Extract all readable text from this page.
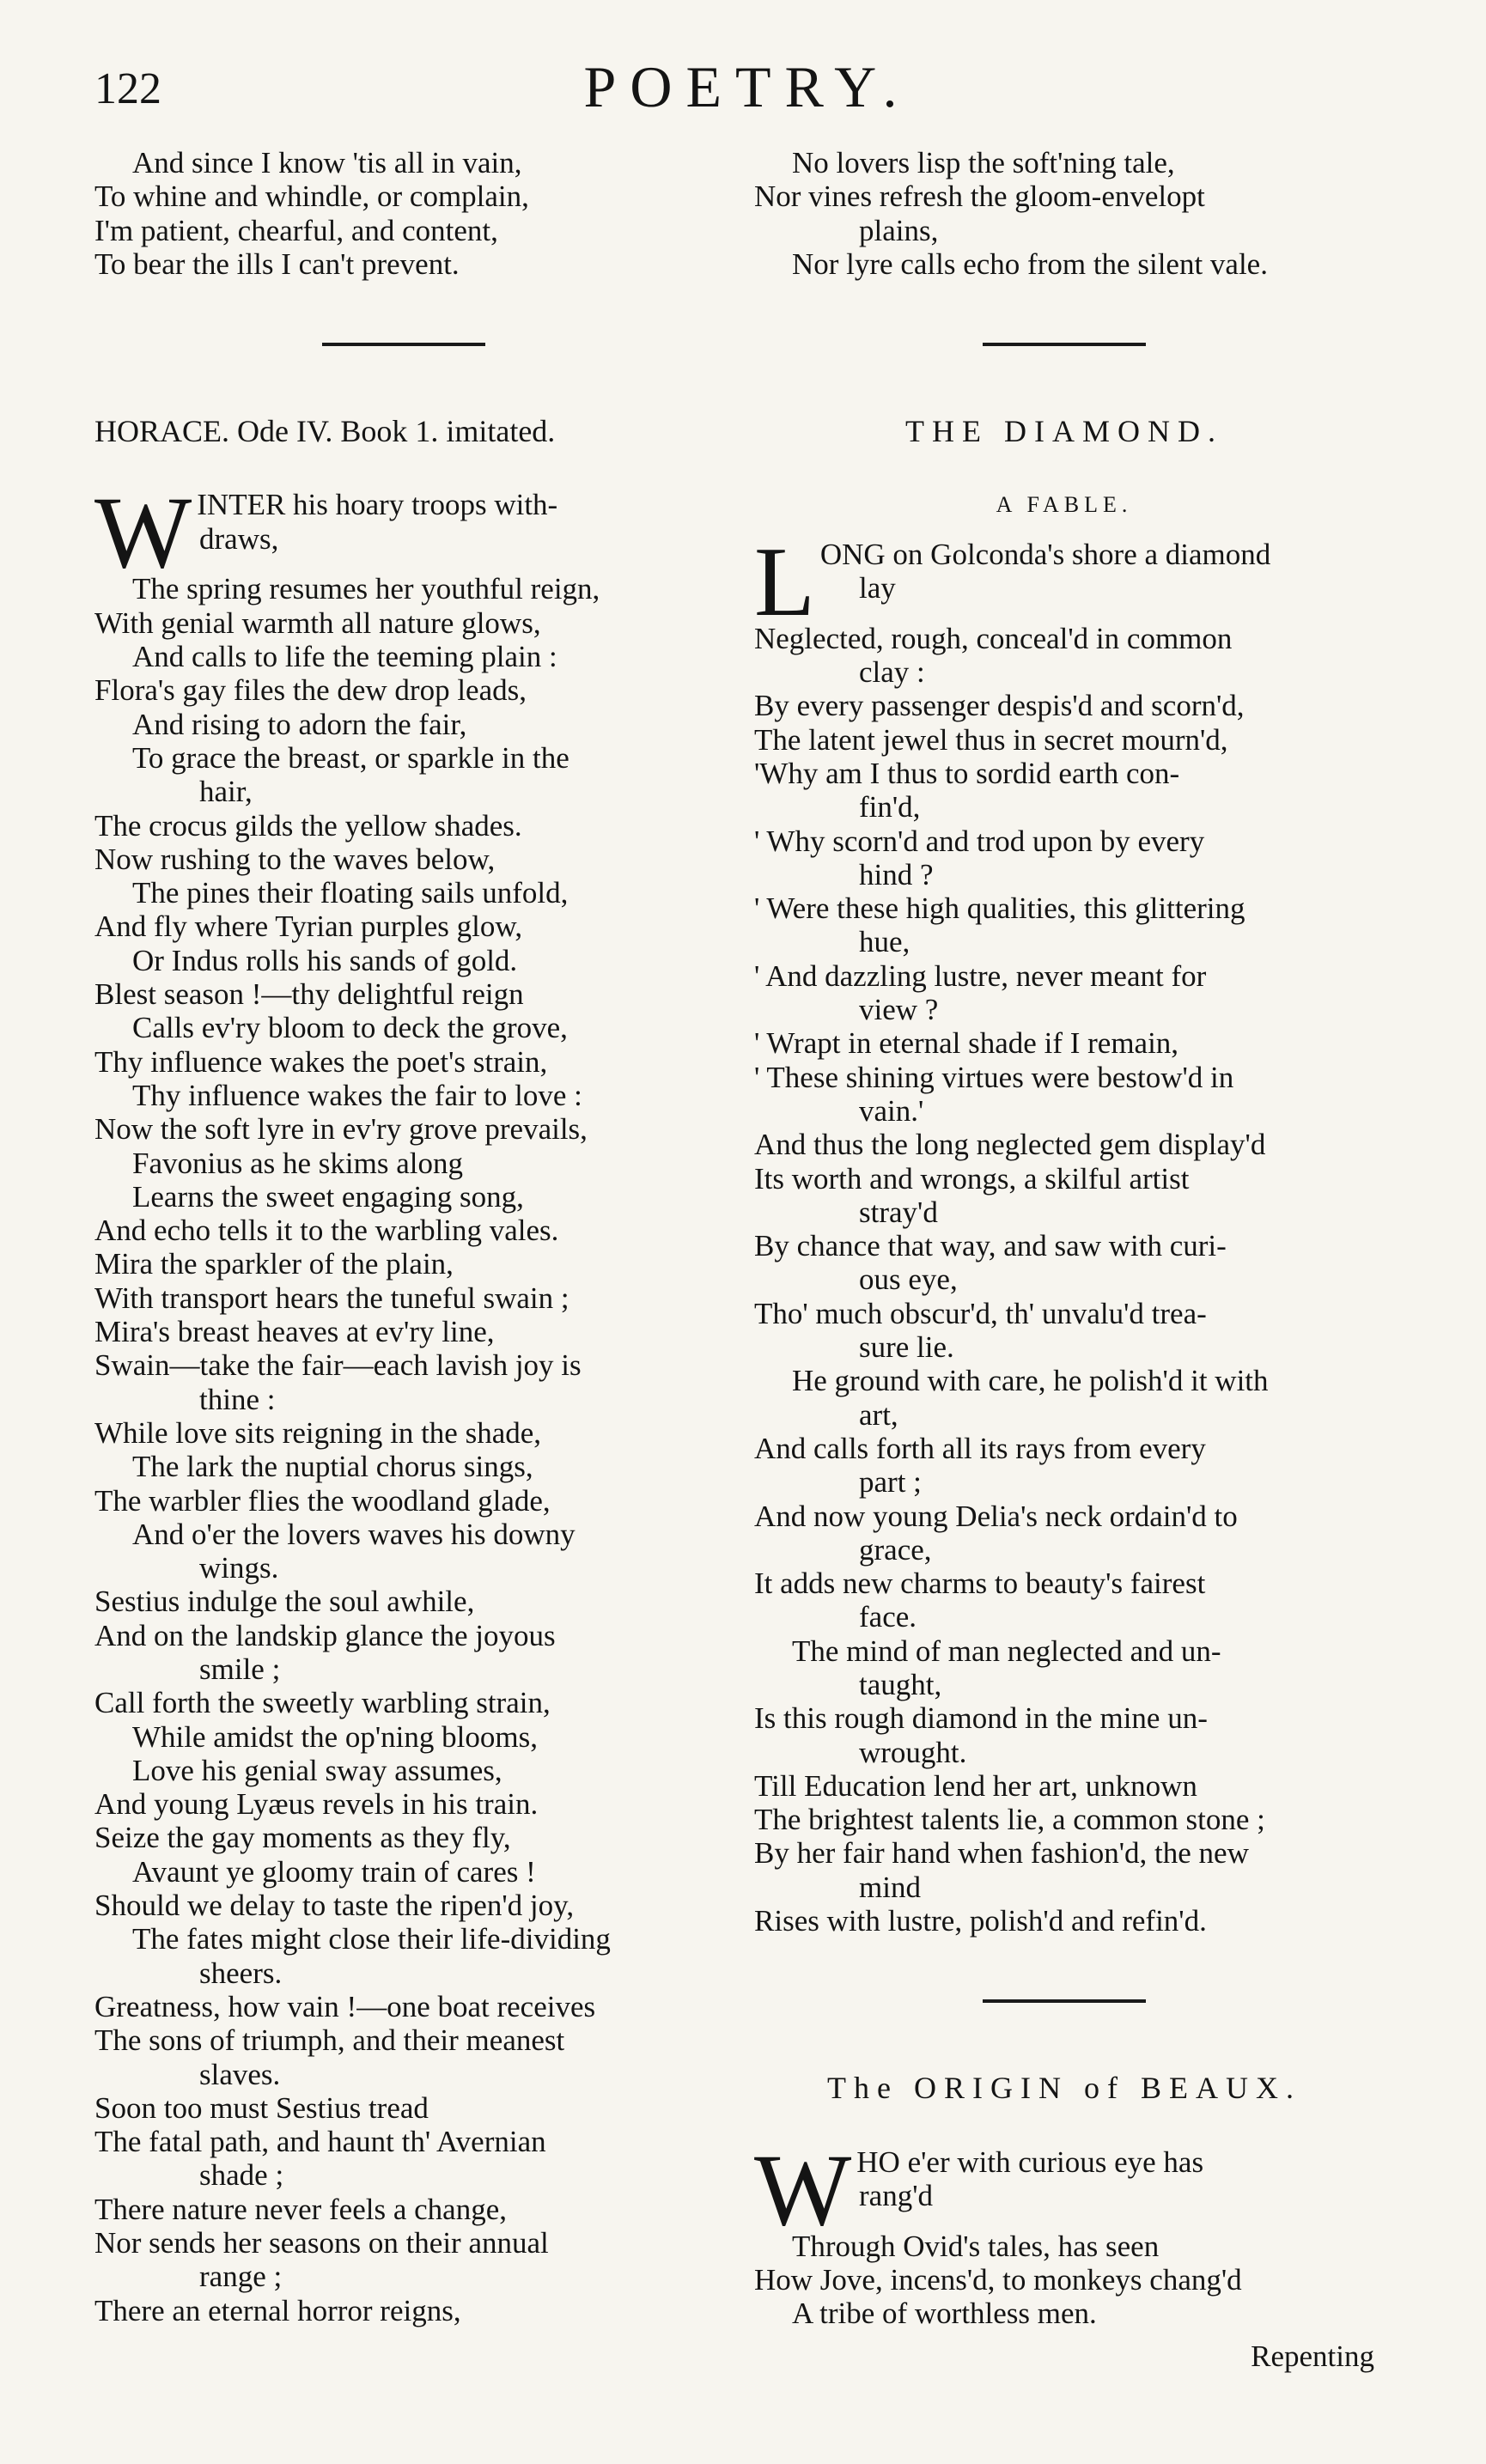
122	POETRY.
And since I know 'tis all in vain,
To whine and whindle, or complain,
I'm patient, chearful, and content,
To bear the ills I can't prevent.
HORACE. Ode IV. Book 1. imitated.
W INTER his hoary troops with-
draws,
The spring resumes her youthful reign,
With genial warmth all nature glows,
And calls to life the teeming plain :
Flora's gay files the dew drop leads,
And rising to adorn the fair,
To grace the breast, or sparkle in the
hair,
The crocus gilds the yellow shades.
Now rushing to the waves below,
The pines their floating sails unfold,
And fly where Tyrian purples glow,
Or Indus rolls his sands of gold.
Blest season !—thy delightful reign
Calls ev'ry bloom to deck the grove,
Thy influence wakes the poet's strain,
Thy influence wakes the fair to love :
Now the soft lyre in ev'ry grove prevails,
Favonius as he skims along
Learns the sweet engaging song,
And echo tells it to the warbling vales.
Mira the sparkler of the plain,
With transport hears the tuneful swain ;
Mira's breast heaves at ev'ry line,
Swain—take the fair—each lavish joy is
thine :
While love sits reigning in the shade,
The lark the nuptial chorus sings,
The warbler flies the woodland glade,
And o'er the lovers waves his downy
wings.
Sestius indulge the soul awhile,
And on the landskip glance the joyous
smile ;
Call forth the sweetly warbling strain,
While amidst the op'ning blooms,
Love his genial sway assumes,
And young Lyæus revels in his train.
Seize the gay moments as they fly,
Avaunt ye gloomy train of cares !
Should we delay to taste the ripen'd joy,
The fates might close their life-dividing
sheers.
Greatness, how vain !—one boat receives
The sons of triumph, and their meanest
slaves.
Soon too must Sestius tread
The fatal path, and haunt th' Avernian
shade ;
There nature never feels a change,
Nor sends her seasons on their annual
range ;
There an eternal horror reigns,
No lovers lisp the soft'ning tale,
Nor vines refresh the gloom-envelopt
plains,
Nor lyre calls echo from the silent vale.
THE DIAMOND.
A FABLE.
L ONG on Golconda's shore a diamond
lay
Neglected, rough, conceal'd in common
clay :
By every passenger despis'd and scorn'd,
The latent jewel thus in secret mourn'd,
'Why am I thus to sordid earth con-
fin'd,
' Why scorn'd and trod upon by every
hind ?
' Were these high qualities, this glittering
hue,
' And dazzling lustre, never meant for
view ?
' Wrapt in eternal shade if I remain,
' These shining virtues were bestow'd in
vain.'
And thus the long neglected gem display'd
Its worth and wrongs, a skilful artist
stray'd
By chance that way, and saw with curi-
ous eye,
Tho' much obscur'd, th' unvalu'd trea-
sure lie.
He ground with care, he polish'd it with
art,
And calls forth all its rays from every
part ;
And now young Delia's neck ordain'd to
grace,
It adds new charms to beauty's fairest
face.
The mind of man neglected and un-
taught,
Is this rough diamond in the mine un-
wrought.
Till Education lend her art, unknown
The brightest talents lie, a common stone ;
By her fair hand when fashion'd, the new
mind
Rises with lustre, polish'd and refin'd.
The ORIGIN of BEAUX.
W HO e'er with curious eye has
rang'd
Through Ovid's tales, has seen
How Jove, incens'd, to monkeys chang'd
A tribe of worthless men.
Repenting
